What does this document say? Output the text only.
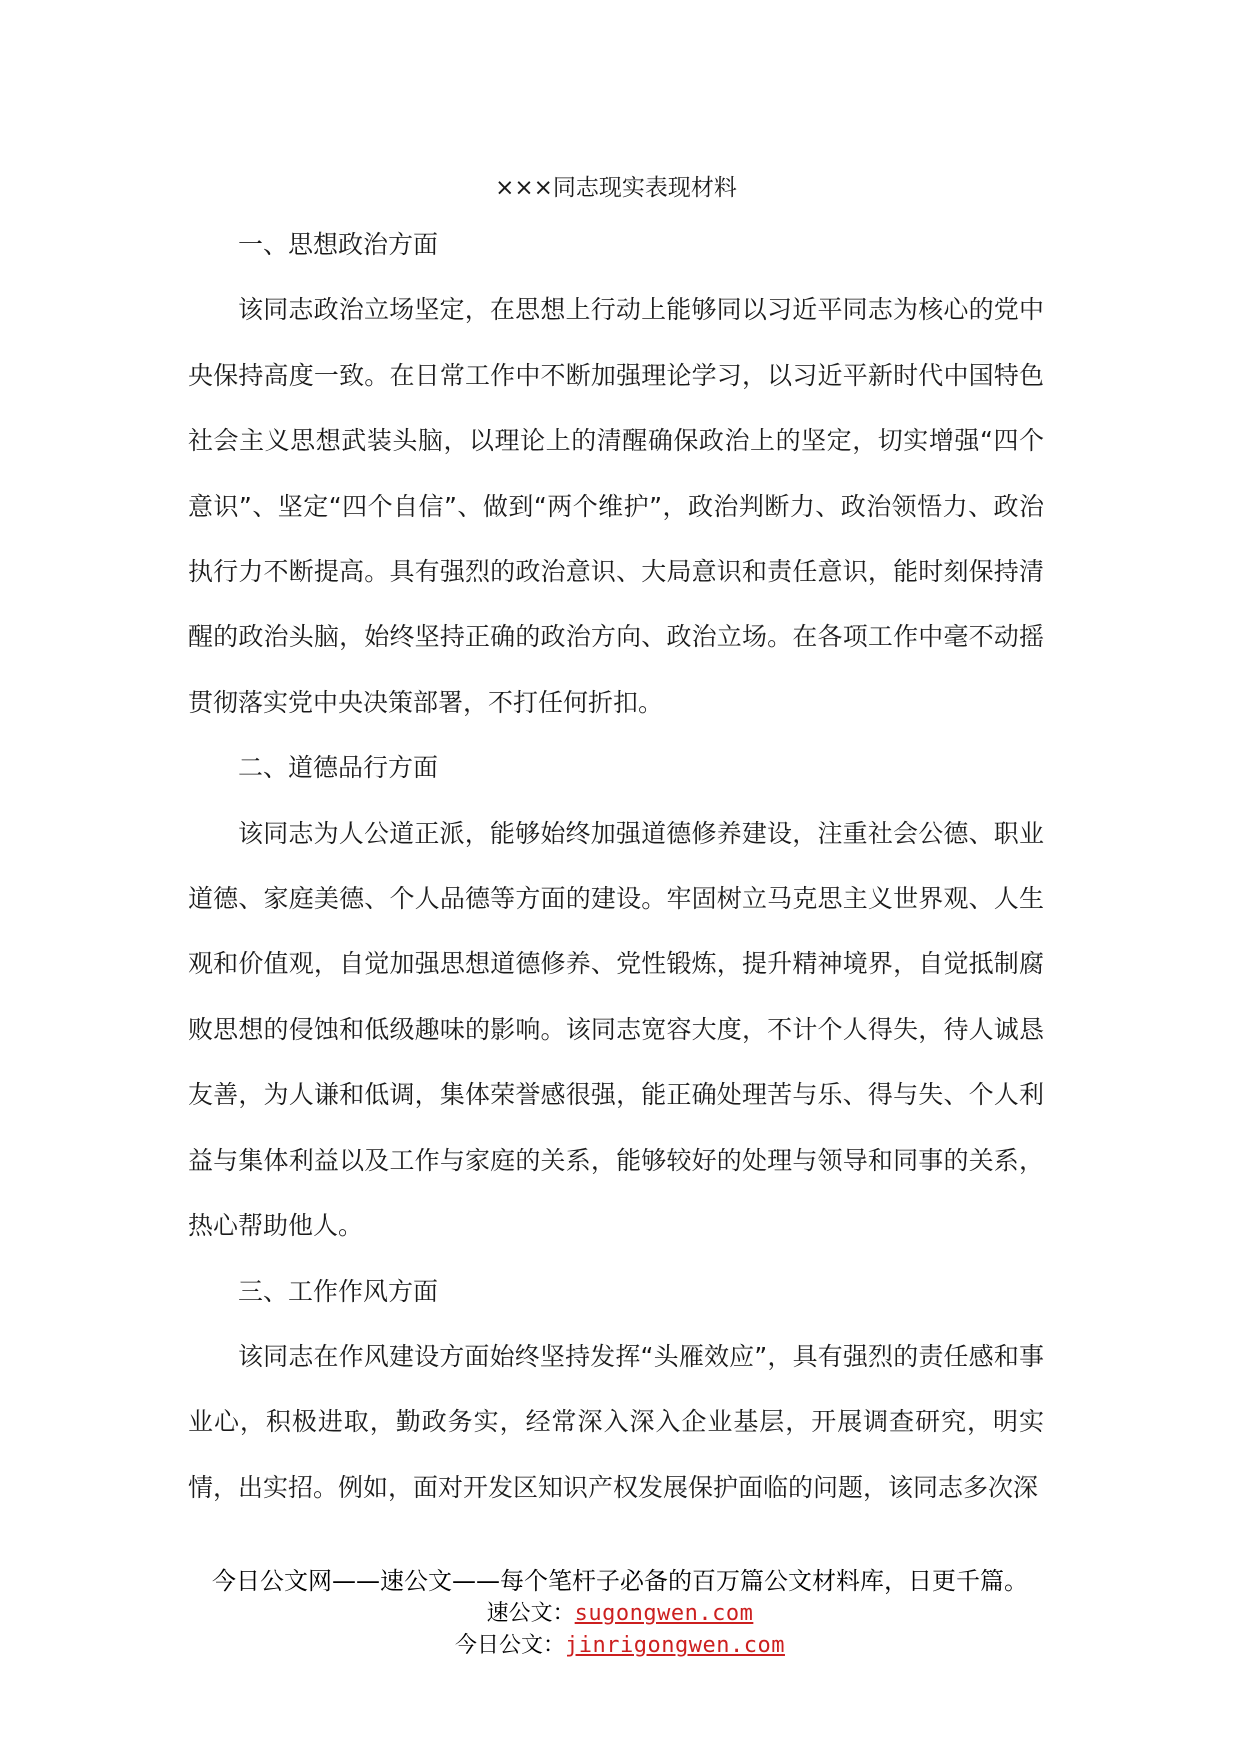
×××同志现实表现材料

一、思想政治方面

该同志政治立场坚定，在思想上行动上能够同以习近平同志为核心的党中央保持高度一致。在日常工作中不断加强理论学习，以习近平新时代中国特色社会主义思想武装头脑，以理论上的清醒确保政治上的坚定，切实增强“四个意识”、坚定“四个自信”、做到“两个维护”，政治判断力、政治领悟力、政治执行力不断提高。具有强烈的政治意识、大局意识和责任意识，能时刻保持清醒的政治头脑，始终坚持正确的政治方向、政治立场。在各项工作中毫不动摇贯彻落实党中央决策部署，不打任何折扣。

二、道德品行方面

该同志为人公道正派，能够始终加强道德修养建设，注重社会公德、职业道德、家庭美德、个人品德等方面的建设。牢固树立马克思主义世界观、人生观和价值观，自觉加强思想道德修养、党性锻炼，提升精神境界，自觉抵制腐败思想的侵蚀和低级趣味的影响。该同志宽容大度，不计个人得失，待人诚恳友善，为人谦和低调，集体荣誉感很强，能正确处理苦与乐、得与失、个人利益与集体利益以及工作与家庭的关系，能够较好的处理与领导和同事的关系，热心帮助他人。

三、工作作风方面

该同志在作风建设方面始终坚持发挥“头雁效应”，具有强烈的责任感和事业心，积极进取，勤政务实，经常深入深入企业基层，开展调查研究，明实情，出实招。例如，面对开发区知识产权发展保护面临的问题，该同志多次深

今日公文网——速公文——每个笔杆子必备的百万篇公文材料库，日更千篇。
速公文：sugongwen.com
今日公文：jinrigongwen.com
